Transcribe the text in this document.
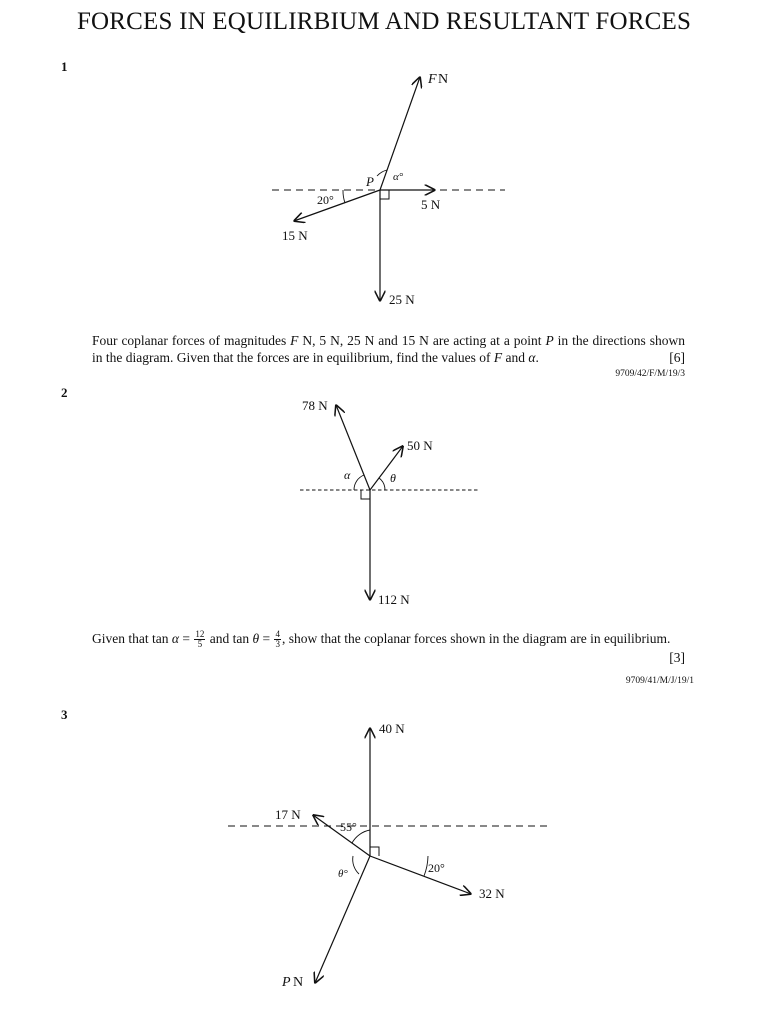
FORCES IN EQUILIRBIUM AND RESULTANT FORCES
1
F N
P α°
5 N
20°
15 N
25 N
Four coplanar forces of magnitudes F N, 5 N, 25 N and 15 N are acting at a point P in the directions shown in the diagram. Given that the forces are in equilibrium, find the values of F and α.	[6]
9709/42/F/M/19/3
2
78 N
50 N
α	θ
112 N
Given that $\tan \alpha = \frac{12}{5}$ and $\tan \theta = \frac{4}{3}$ , show that the coplanar forces shown in the diagram are in equilibrium.
[3]
9709/41/M/J/19/1
3
40 N
17 N
55°
20°
θ°
32 N
P N
